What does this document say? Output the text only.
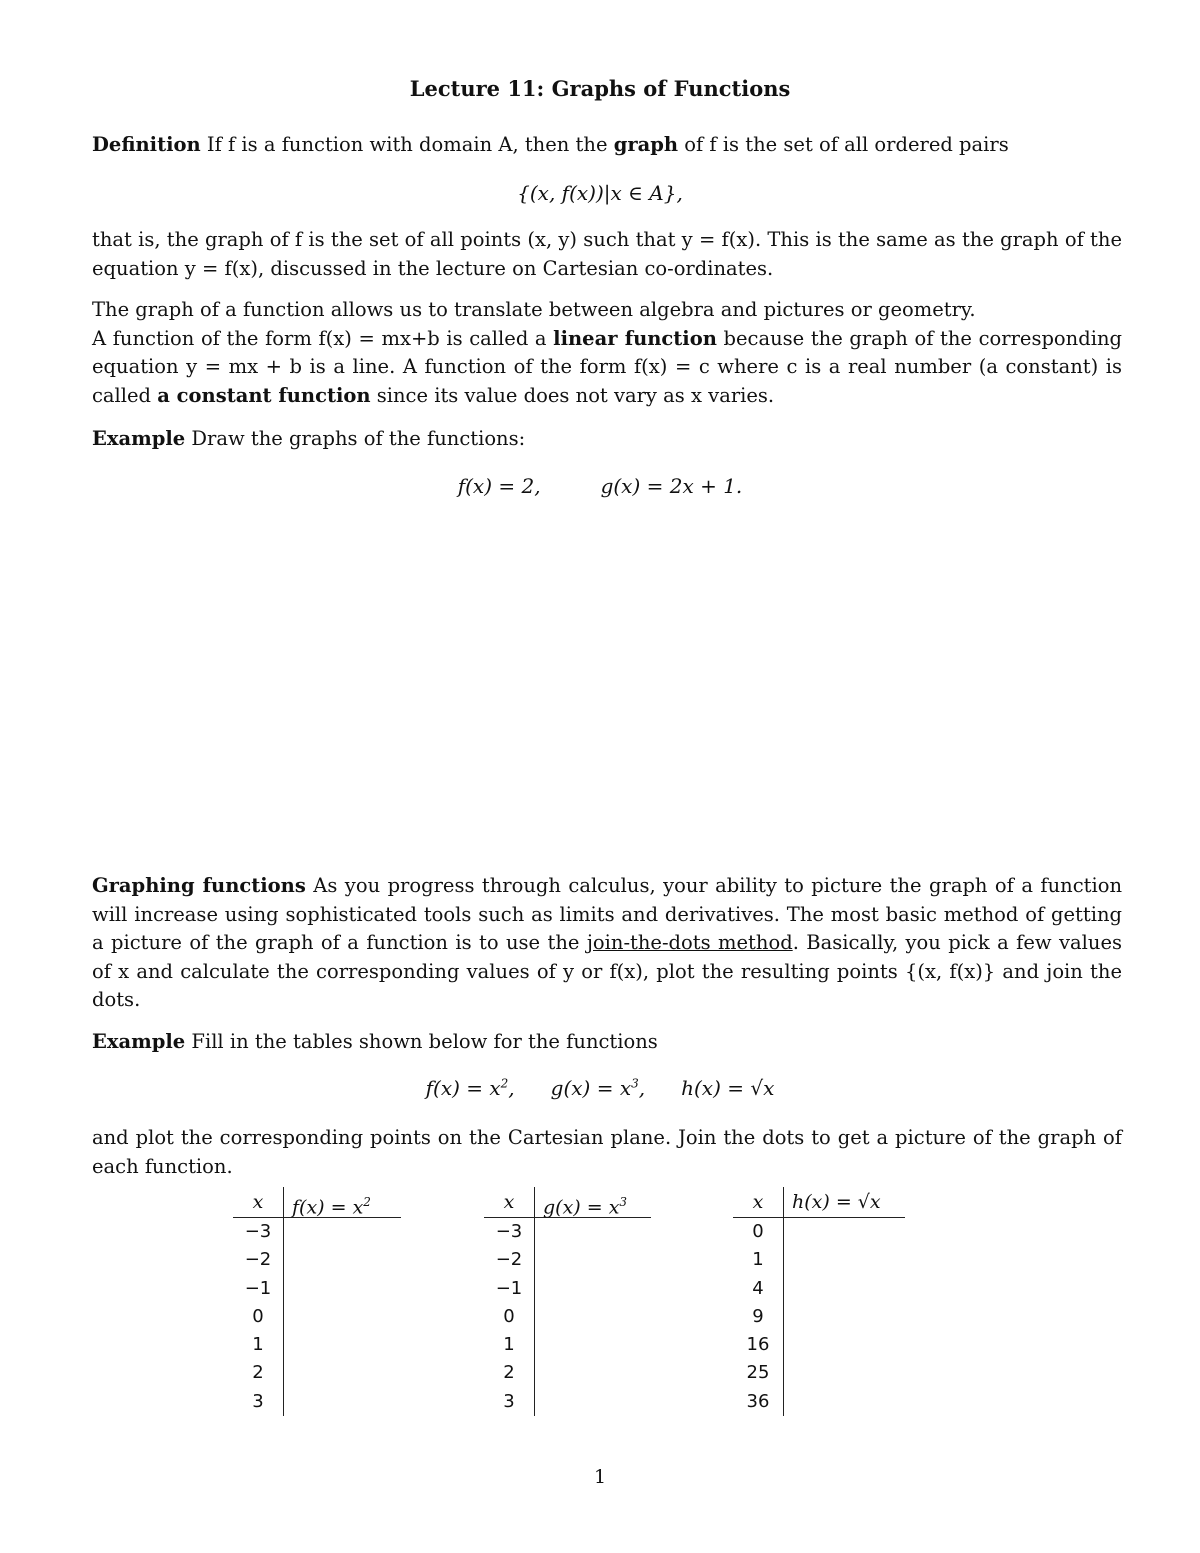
Lecture 11: Graphs of Functions

Definition If f is a function with domain A, then the graph of f is the set of all ordered pairs

{(x, f(x))|x ∈ A},

that is, the graph of f is the set of all points (x, y) such that y = f(x). This is the same as the graph of the equation y = f(x), discussed in the lecture on Cartesian co-ordinates.

The graph of a function allows us to translate between algebra and pictures or geometry.
A function of the form f(x) = mx+b is called a linear function because the graph of the corresponding equation y = mx + b is a line. A function of the form f(x) = c where c is a real number (a constant) is called a constant function since its value does not vary as x varies.

Example Draw the graphs of the functions:

f(x) = 2,	g(x) = 2x + 1.

Graphing functions As you progress through calculus, your ability to picture the graph of a function will increase using sophisticated tools such as limits and derivatives. The most basic method of getting a picture of the graph of a function is to use the join-the-dots method. Basically, you pick a few values of x and calculate the corresponding values of y or f(x), plot the resulting points {(x, f(x)} and join the dots.

Example Fill in the tables shown below for the functions

$f(x) = x^2$, $g(x) = x^3$, h(x) = √x

and plot the corresponding points on the Cartesian plane. Join the dots to get a picture of the graph of each function.

x	$f(x) = x^2$
−3
−2
−1
0
1
2
3
x	$g(x) = x^3$
−3
−2
−1
0
1
2
3
x	h(x) = √x
0
1
4
9
16
25
36
1
